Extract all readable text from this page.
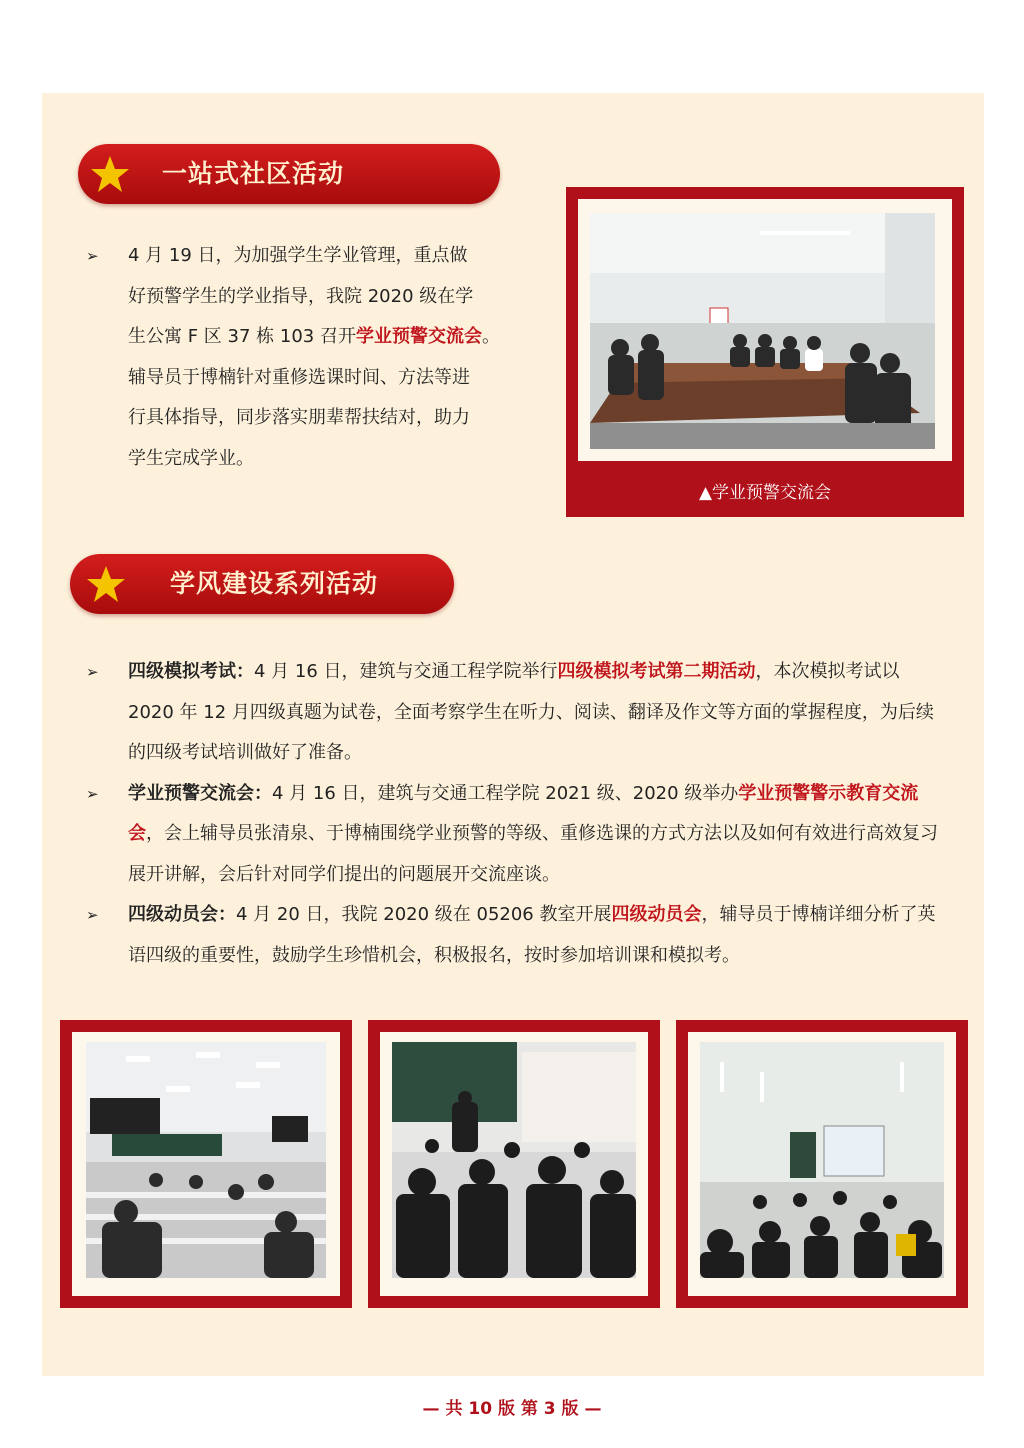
一站式社区活动
➢	4 月 19 日，为加强学生学业管理，重点做
好预警学生的学业指导，我院 2020 级在学
生公寓 F 区 37 栋 103 召开学业预警交流会。
辅导员于博楠针对重修选课时间、方法等进
行具体指导，同步落实朋辈帮扶结对，助力
学生完成学业。
▲学业预警交流会
学风建设系列活动
➢	四级模拟考试：4 月 16 日，建筑与交通工程学院举行四级模拟考试第二期活动，本次模拟考试以 2020 年 12 月四级真题为试卷，全面考察学生在听力、阅读、翻译及作文等方面的掌握程度，为后续的四级考试培训做好了准备。
➢	学业预警交流会：4 月 16 日，建筑与交通工程学院 2021 级、2020 级举办学业预警警示教育交流会，会上辅导员张清泉、于博楠围绕学业预警的等级、重修选课的方式方法以及如何有效进行高效复习展开讲解，会后针对同学们提出的问题展开交流座谈。
➢	四级动员会：4 月 20 日，我院 2020 级在 05206 教室开展四级动员会，辅导员于博楠详细分析了英语四级的重要性，鼓励学生珍惜机会，积极报名，按时参加培训课和模拟考。
— 共 10 版 第 3 版 —
